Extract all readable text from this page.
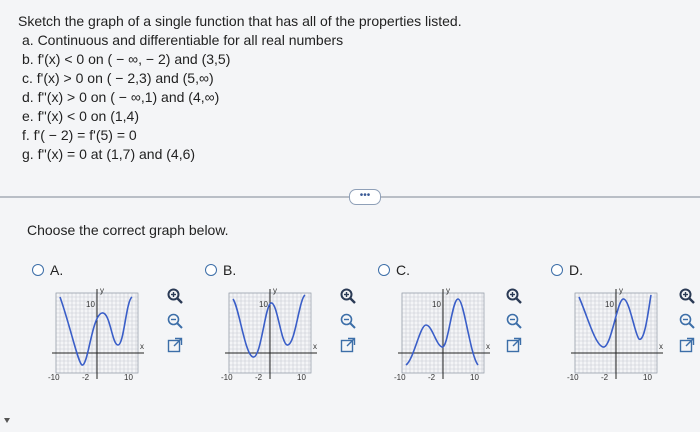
Sketch the graph of a single function that has all of the properties listed.
a. Continuous and differentiable for all real numbers
b. f'(x) < 0 on ( − ∞, − 2) and (3,5)
c. f'(x) > 0 on ( − 2,3) and (5,∞)
d. f''(x) > 0 on ( − ∞,1) and (4,∞)
e. f''(x) < 0 on (1,4)
f. f'( − 2) = f'(5) = 0
g. f''(x) = 0 at (1,7) and (4,6)
•••
Choose the correct graph below.
A.	B.	C.	D.
y
10
x
-10	-2	10
y
10
x
-10	-2	10
y
10
x
-10	-2	10
y
10
x
-10	-2	10
